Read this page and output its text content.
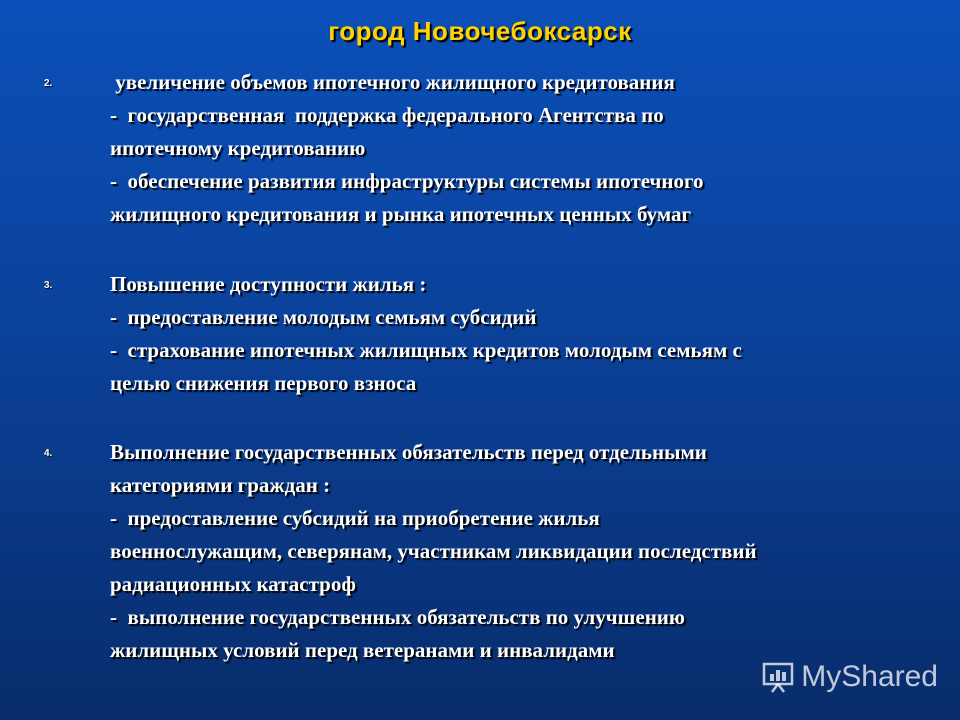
город Новочебоксарск
2.	увеличение объемов ипотечного жилищного кредитования
-  государственная  поддержка федерального Агентства по
ипотечному кредитованию
-  обеспечение развития инфраструктуры системы ипотечного
жилищного кредитования и рынка ипотечных ценных бумаг
3.	Повышение доступности жилья :
-  предоставление молодым семьям субсидий
-  страхование ипотечных жилищных кредитов молодым семьям с
целью снижения первого взноса
4.	Выполнение государственных обязательств перед отдельными
категориями граждан :
-  предоставление субсидий на приобретение жилья
военнослужащим, северянам, участникам ликвидации последствий
радиационных катастроф
-  выполнение государственных обязательств по улучшению
жилищных условий перед ветеранами и инвалидами
MyShared
